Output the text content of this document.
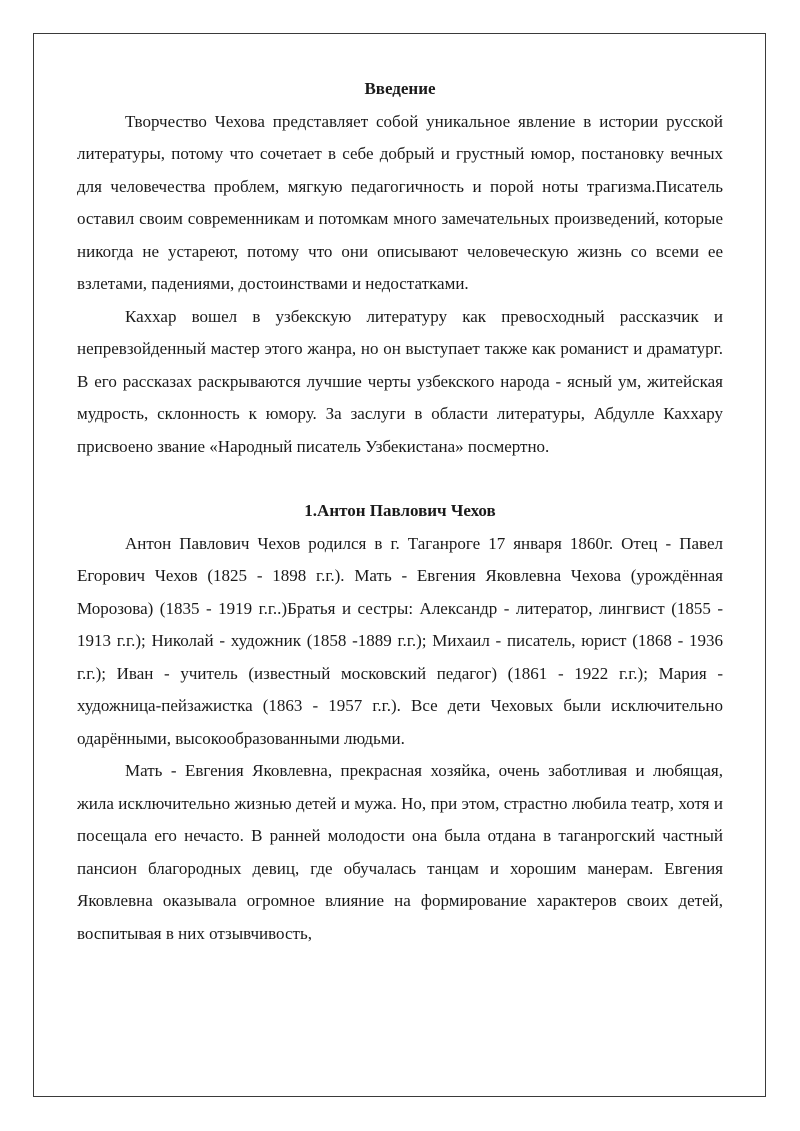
Введение

Творчество Чехова представляет собой уникальное явление в истории русской литературы, потому что сочетает в себе добрый и грустный юмор, постановку вечных для человечества проблем, мягкую педагогичность и порой ноты трагизма.Писатель оставил своим современникам и потомкам много замечательных произведений, которые никогда не устареют, потому что они описывают человеческую жизнь со всеми ее взлетами, падениями, достоинствами и недостатками.

Каххар вошел в узбекскую литературу как превосходный рассказчик и непревзойденный мастер этого жанра, но он выступает также как романист и драматург. В его рассказах раскрываются лучшие черты узбекского народа - ясный ум, житейская мудрость, склонность к юмору. За заслуги в области литературы, Абдулле Каххару присвоено звание «Народный писатель Узбекистана» посмертно.

1.Антон Павлович Чехов

Антон Павлович Чехов родился в г. Таганроге 17 января 1860г. Отец - Павел Егорович Чехов (1825 - 1898 г.г.). Мать - Евгения Яковлевна Чехова (урождённая Морозова) (1835 - 1919 г.г..)Братья и сестры: Александр - литератор, лингвист (1855 - 1913 г.г.); Николай - художник (1858 -1889 г.г.); Михаил - писатель, юрист (1868 - 1936 г.г.); Иван - учитель (известный московский педагог) (1861 - 1922 г.г.); Мария - художница-пейзажистка (1863 - 1957 г.г.). Все дети Чеховых были исключительно одарёнными, высокообразованными людьми.

Мать - Евгения Яковлевна, прекрасная хозяйка, очень заботливая и любящая, жила исключительно жизнью детей и мужа. Но, при этом, страстно любила театр, хотя и посещала его нечасто. В ранней молодости она была отдана в таганрогский частный пансион благородных девиц, где обучалась танцам и хорошим манерам. Евгения Яковлевна оказывала огромное влияние на формирование характеров своих детей, воспитывая в них отзывчивость,
